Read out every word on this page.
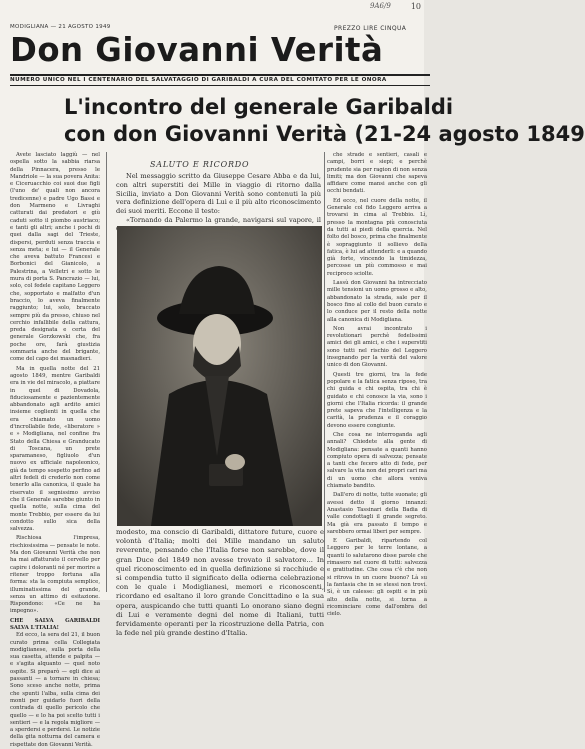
9A6/9	10
MODIGLIANA — 21 AGOSTO 1949	PREZZO LIRE CINQUA
Don Giovanni Verità
NUMERO UNICO NEL I CENTENARIO DEL SALVATAGGIO DI GARIBALDI A CURA DEL COMITATO PER LE ONORA
L'incontro del generale Garibaldi
con don Giovanni Verità (21-24 agosto 1849

Avete lasciato laggiù — nel ospella sotto la sabbia riarsa della Pinnacera, presso le Mandriole — la sua povera Anita: e Ciceruacchio coi suoi due figli (l'uno de' quali non ancora tredicenne) e padre Ugo Bassi e don Marmeno e Livraghi catturati dai predatori e giù caduti sotto il piombo austriaco; e tanti gli altri; anche i pochi di quei dalla sagi del Trieste, dispersi, perduti senza traccia e senza meta; e lui — il Generale che aveva battuto Francesi e Borbonici del Gianicolo, a Palestrina, a Velletri e sotto le mura di porta S. Pancrazio — lui, solo, col fedele capitano Leggero che, sopportato e malfatto d'un braccio, lo aveva finalmente raggiunto; lui, solo, braccato sempre più da presso, chiuso nel cerchio infallibile della cattura, preda designata e certa del generale Gorzkowski che, fra poche ore, farà giustizia sommaria anche del brigante, come del capo dei masnadieri.

Ma in quella notte del 21 agosto 1849, mentre Garibaldi era in vie del miracolo, a piattare in quel di Dovadola, fiduciosamente e pazientemente abbandonato agli ardito amici insieme coglienti in quella che era chiamato un uomo d'incrollabile fede, «liberatore » e » Modigliana, nel confine fra Stato della Chiesa e Granducato di Toscana, un prete sparamaneso, figliuolo d'un nuovo ex ufficiale napoleonico, già da tempo sospetto perfino ad altri fedeli di crederlo non come tenerlo alla canonica, il quale ha riservato il segnissimo avviso che il Generale sarebbe giunto in quella notte, sulla cima del monte Trebbio, per essere da lui condotto sullo sica della salvezza.

Rischiosa l'impresa, rischiosissima — pensate le note. Ma don Giovanni Verità che non ha mai affatturato il cervello per capire i doloranti né per morire a ritener troppo fortuna alla forma: sta la compiuta semplice, illuminatissima del grande, senza un attimo di esitazione. Rispondono: «Ce ne ha impegno».

CHE SALVA GARIBALDI SALVA L'ITALIA!

Ed ecco, la sera del 21, il buon curato prima cella Collegiata modiglianese, sulla porta della sua casetta, attende e palpita — e s'agita alquanto — quel noto ospite. Si preparò — egli dice ai passanti — a tornare in chiesa; Sono sceso anche notte, prima che spunti l'alba, sulla cima dei monti per guidarlo fuori della contrada di quello pericolo che quello — e lo ha poi scelto tutti i sentieri — e la regola migliore — a sperdersi e perdersi. Le notizie della gita notturna del camera e rispettate don Giovanni Verità.

SALUTO E RICORDO

Nel messaggio scritto da Giuseppe Cesare Abba e da lui, con altri superstiti dei Mille in viaggio di ritorno dalla Sicilia, inviato a Don Giovanni Verità sono contenuti la più vera definizione dell'opera di Lui e il più alto riconoscimento dei suoi meriti. Eccone il testo:

«Tornando da Palermo la grande, navigarsi sul vapore, il

modesto, ma conscio di Garibaldi, dittatore future, cuore e volontà d'Italia; molti dei Mille mandano un saluto reverente, pensando che l'Italia forse non sarebbe, dove il gran Duce del 1849 non avesse trovato il salvatore... In quel riconoscimento ed in quella definizione si racchiude e si compendia tutto il significato della odierna celebrazione con le quale i Modiglianesi, memori e riconoscenti, ricordano ed esaltano il loro grande Concittadino e la sua opera, auspicando che tutti quanti Lo onorano siano degni di Lui e veramente degni del nome di Italiani, tutti fervidamente operanti per la ricostruzione della Patria, con la fede nel più grande destino d'Italia.

che strade e sentieri, casali e campi, borri e siepi; e perchè prudente sia per ragion di non senza limiti; ma don Giovanni che sapeva affidare come mansi anche con gli occhi bendati.

Ed ecco, nel cuore della notte, il Generale col fido Leggero arriva a trovarsi in cima al Trebbio. Lì, presso la montagna più conosciuta da tutti ai piedi della quercia. Nel folto del bosco, prima che finalmente è sopraggiunto il sollievo della fatica, è lui ad attenderli: e a quando già forte, vincendo la timidezza, percosse un più commosso e mai reciproco sciolte.

Lassù don Giovanni ha intrecciato mille tensioni un uomo grosso e alto, abbandonato la strada, sale per il bosco fino al collo del buon curato e lo conduce per il resto della notte alla canonica di Modigliana.

Non avrai incontrato i revolutionari perchè fedelissimi amici dei gli amici, e che i superstiti sono tutti nel rischio del Leggero insegnando per la verità del valore unico di don Giovanni.

Questi tre giorni, tra la fede popolare e la fatica senza riposo, tra chi guida e chi ospita, tra chi è guidato e chi conosce la via, sono i giorni che l'Italia ricorda: il grande prete sapeva che l'intelligenza e la carità, la prudenza e il coraggio devono essere congiunte.

Che cosa ne interroganda agli annali? Chiedete alla gente di Modigliana: pensate a quanti hanno compiuto opera di salvezza; pensate a tanti che fecero atto di fede, per salvare la vita non dei propri cari ma di un uomo che allora veniva chiamato bandito.

Dall'ero di notte, tutte suonate; gli avessi detto il giorno innanzi: Anastasio Tassinari della Badia di valle condottagli il grande segreto. Ma già era passato il tempo e sarebbero ormai liberi per sempre.

E Garibaldi, ripartendo col Leggero per le terre lontane, a quanti lo salutarono disse parole che rimasero nel cuore di tutti: salvezza e gratitudine. Che cosa c'è che non si ritrova in un cuore buono? Là su la fantasia che in se stessi non trovi. Sì, è un calesse: gli ospiti e in più alto della notte, si torna a ricominciare come dall'ombra del cielo.
